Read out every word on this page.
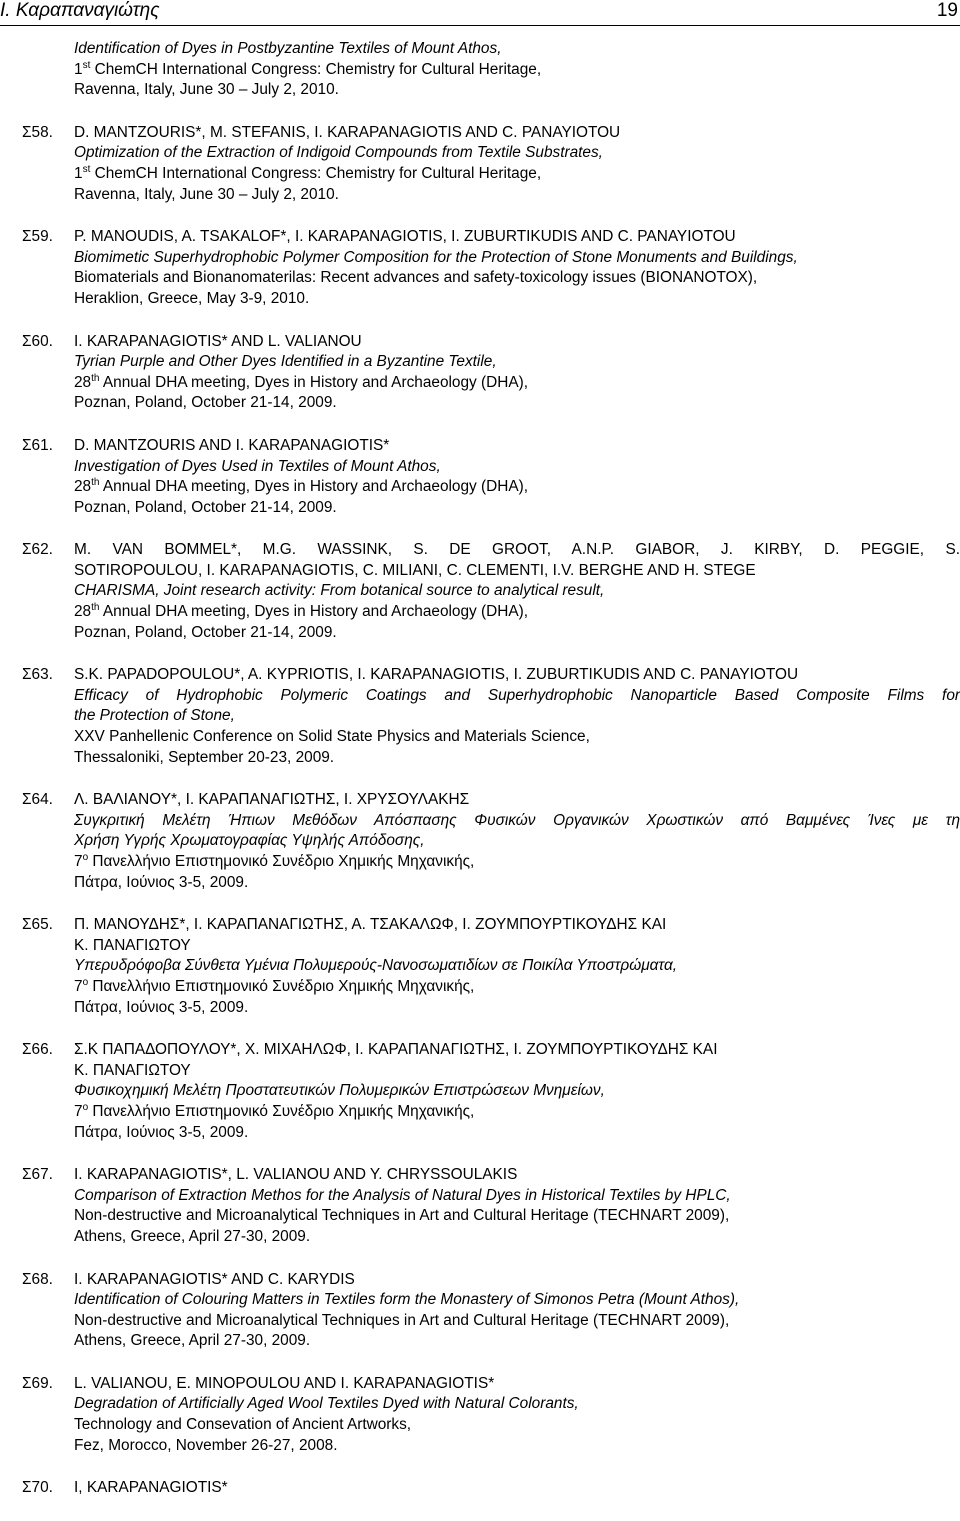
Ι. Καραπαναγιώτης	19
Identification of Dyes in Postbyzantine Textiles of Mount Athos,
1st ChemCH International Congress: Chemistry for Cultural Heritage,
Ravenna, Italy, June 30 – July 2, 2010.
Σ58.	D. MANTZOURIS*, M. STEFANIS, I. KARAPANAGIOTIS AND C. PANAYIOTOU
Optimization of the Extraction of Indigoid Compounds from Textile Substrates,
1st ChemCH International Congress: Chemistry for Cultural Heritage,
Ravenna, Italy, June 30 – July 2, 2010.
Σ59.	P. MANOUDIS, A. TSAKALOF*, I. KARAPANAGIOTIS, I. ZUBURTIKUDIS AND C. PANAYIOTOU
Biomimetic Superhydrophobic Polymer Composition for the Protection of Stone Monuments and Buildings,
Biomaterials and Bionanomaterilas: Recent advances and safety-toxicology issues (BIONANOTOX),
Heraklion, Greece, May 3-9, 2010.
Σ60.	I. KARAPANAGIOTIS* AND L. VALIANOU
Tyrian Purple and Other Dyes Identified in a Byzantine Textile,
28th Annual DHA meeting, Dyes in History and Archaeology (DHA),
Poznan, Poland, October 21-14, 2009.
Σ61.	D. MANTZOURIS AND I. KARAPANAGIOTIS*
Investigation of Dyes Used in Textiles of Mount Athos,
28th Annual DHA meeting, Dyes in History and Archaeology (DHA),
Poznan, Poland, October 21-14, 2009.
Σ62.	M. VAN BOMMEL*, M.G. WASSINK, S. DE GROOT, A.N.P. GIABOR, J. KIRBY, D. PEGGIE, S.
SOTIROPOULOU, I. KARAPANAGIOTIS, C. MILIANI, C. CLEMENTI, I.V. BERGHE AND H. STEGE
CHARISMA, Joint research activity: From botanical source to analytical result,
28th Annual DHA meeting, Dyes in History and Archaeology (DHA),
Poznan, Poland, October 21-14, 2009.
Σ63.	S.K. PAPADOPOULOU*, A. KYPRIOTIS, I. KARAPANAGIOTIS, I. ZUBURTIKUDIS AND C. PANAYIOTOU
Efficacy of Hydrophobic Polymeric Coatings and Superhydrophobic Nanoparticle Based Composite Films for
the Protection of Stone,
XXV Panhellenic Conference on Solid State Physics and Materials Science,
Thessaloniki, September 20-23, 2009.
Σ64.	Λ. ΒΑΛΙΑΝΟΥ*, Ι. ΚΑΡΑΠΑΝΑΓΙΩΤΗΣ, Ι. ΧΡΥΣΟΥΛΑΚΗΣ
Συγκριτική Μελέτη Ήπιων Μεθόδων Απόσπασης Φυσικών Οργανικών Χρωστικών από Βαμμένες Ίνες με τη
Χρήση Υγρής Χρωματογραφίας Υψηλής Απόδοσης,
$7^o$ Πανελλήνιο Επιστημονικό Συνέδριο Χημικής Μηχανικής,
Πάτρα, Ιούνιος 3-5, 2009.
Σ65.	Π. ΜΑΝΟΥΔΗΣ*, Ι. ΚΑΡΑΠΑΝΑΓΙΩΤΗΣ, Α. ΤΣΑΚΑΛΩΦ, Ι. ΖΟΥΜΠΟΥΡΤΙΚΟΥΔΗΣ ΚΑΙ
Κ. ΠΑΝΑΓΙΩΤΟΥ
Υπερυδρόφοβα Σύνθετα Υμένια Πολυμερούς-Νανοσωματιδίων σε Ποικίλα Υποστρώματα,
$7^o$ Πανελλήνιο Επιστημονικό Συνέδριο Χημικής Μηχανικής,
Πάτρα, Ιούνιος 3-5, 2009.
Σ66.	Σ.Κ ΠΑΠΑΔΟΠΟΥΛΟΥ*, Χ. ΜΙΧΑΗΛΩΦ, Ι. ΚΑΡΑΠΑΝΑΓΙΩΤΗΣ, Ι. ΖΟΥΜΠΟΥΡΤΙΚΟΥΔΗΣ ΚΑΙ
Κ. ΠΑΝΑΓΙΩΤΟΥ
Φυσικοχημική Μελέτη Προστατευτικών Πολυμερικών Επιστρώσεων Μνημείων,
$7^o$ Πανελλήνιο Επιστημονικό Συνέδριο Χημικής Μηχανικής,
Πάτρα, Ιούνιος 3-5, 2009.
Σ67.	I. KARAPANAGIOTIS*, L. VALIANOU AND Y. CHRYSSOULAKIS
Comparison of Extraction Methos for the Analysis of Natural Dyes in Historical Textiles by HPLC,
Non-destructive and Microanalytical Techniques in Art and Cultural Heritage (TECHNART 2009),
Athens, Greece, April 27-30, 2009.
Σ68.	I. KARAPANAGIOTIS* AND C. KARYDIS
Identification of Colouring Matters in Textiles form the Monastery of Simonos Petra (Mount Athos),
Non-destructive and Microanalytical Techniques in Art and Cultural Heritage (TECHNART 2009),
Athens, Greece, April 27-30, 2009.
Σ69.	L. VALIANOU, E. MINOPOULOU AND I. KARAPANAGIOTIS*
Degradation of Artificially Aged Wool Textiles Dyed with Natural Colorants,
Technology and Consevation of Ancient Artworks,
Fez, Morocco, November 26-27, 2008.
Σ70.	I, KARAPANAGIOTIS*
